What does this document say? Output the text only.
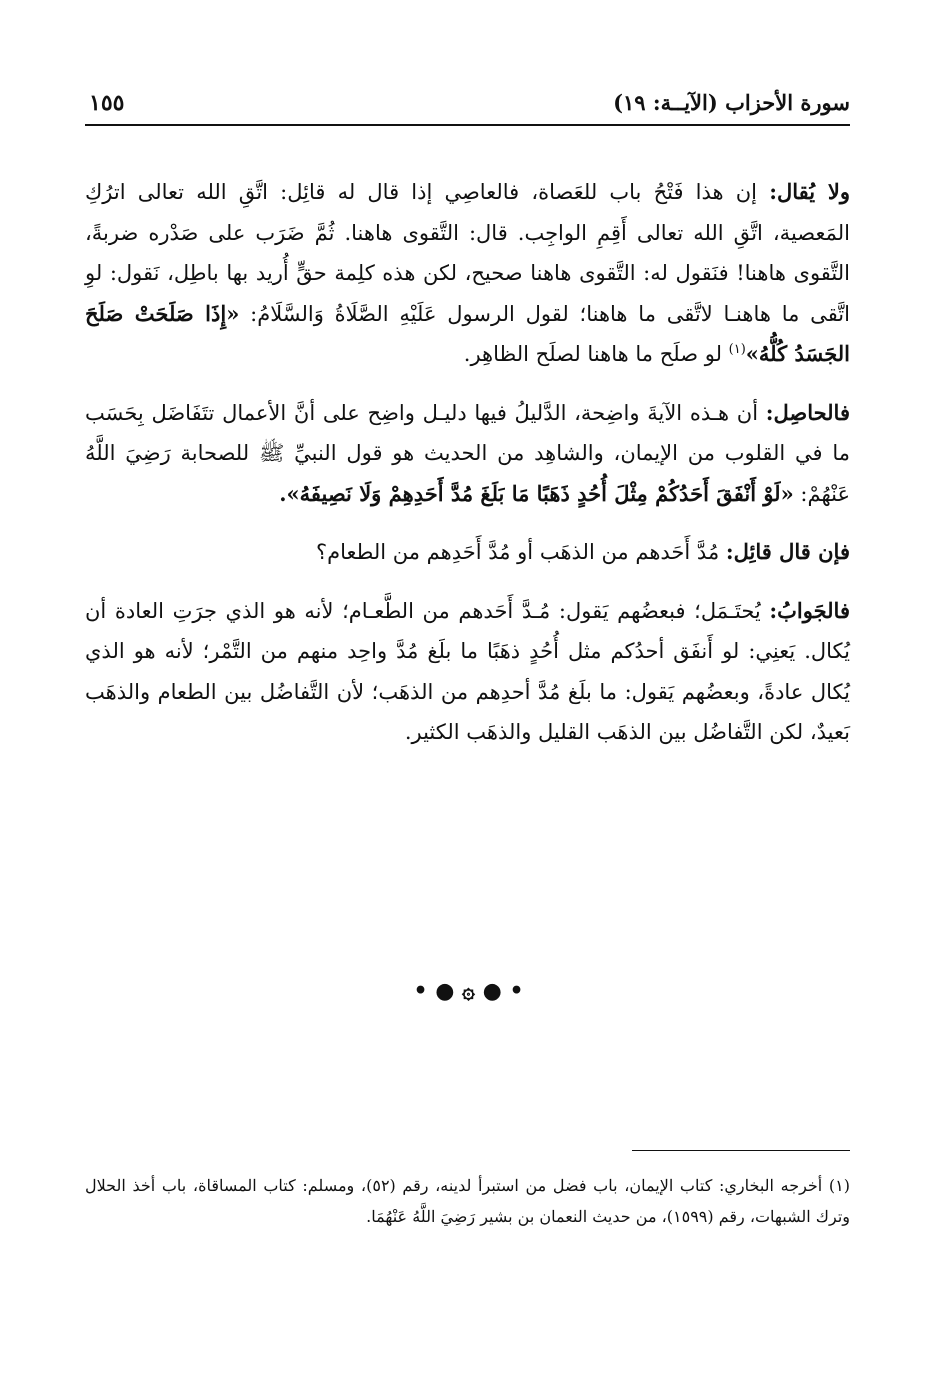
سورة الأحزاب (الآيــة: ١٩)
١٥٥

ولا يُقال: إن هذا فَتْحُ باب للعَصاة، فالعاصِي إذا قال له قائِل: اتَّقِ الله تعالى اترُكِ المَعصية، اتَّقِ الله تعالى أَقِمِ الواجِب. قال: التَّقوى هاهنا. ثُمَّ ضَرَب على صَدْره ضربةً، التَّقوى هاهنا! فنَقول له: التَّقوى هاهنا صحيح، لكن هذه كلِمة حقٍّ أُريد بها باطِل، نَقول: لوِ اتَّقى ما هاهنـا لاتَّقى ما هاهنا؛ لقول الرسول عَلَيْهِ الصَّلَاةُ وَالسَّلَامُ: «إِذَا صَلَحَتْ صَلَحَ الجَسَدُ كُلُّهُ»$^{(١)}$ لو صلَح ما هاهنا لصلَح الظاهِر.

فالحاصِل: أن هـذه الآيةَ واضِحة، الدَّليلُ فيها دليـل واضِح على أنَّ الأعمال تتَفَاضَل بِحَسَب ما في القلوب من الإيمان، والشاهِد من الحديث هو قول النبيِّ ﷺ للصحابة رَضِيَ اللَّهُ عَنْهُمْ: «لَوْ أَنْفَقَ أَحَدُكُمْ مِثْلَ أُحُدٍ ذَهَبًا مَا بَلَغَ مُدَّ أَحَدِهِمْ وَلَا نَصِيفَهُ».

فإن قال قائِل: مُدَّ أَحَدهم من الذهَب أو مُدَّ أَحَدِهم من الطعام؟

فالجَوابُ: يُحتَـمَل؛ فبعضُهم يَقول: مُـدَّ أَحَدهم من الطَّعـام؛ لأنه هو الذي جرَتِ العادة أن يُكال. يَعنِي: لو أَنفَق أحدُكم مثل أُحُدٍ ذهَبًا ما بلَغ مُدَّ واحِد منهم من التَّمْر؛ لأنه هو الذي يُكال عادةً، وبعضُهم يَقول: ما بلَغ مُدَّ أحدِهم من الذهَب؛ لأن التَّفاضُل بين الطعام والذهَب بَعيدٌ، لكن التَّفاضُل بين الذهَب القليل والذهَب الكثير.

• ● ۞ ● •

(١) أخرجه البخاري: كتاب الإيمان، باب فضل من استبرأ لدينه، رقم (٥٢)، ومسلم: كتاب المساقاة، باب أخذ الحلال وترك الشبهات، رقم (١٥٩٩)، من حديث النعمان بن بشير رَضِيَ اللَّهُ عَنْهُمَا.
